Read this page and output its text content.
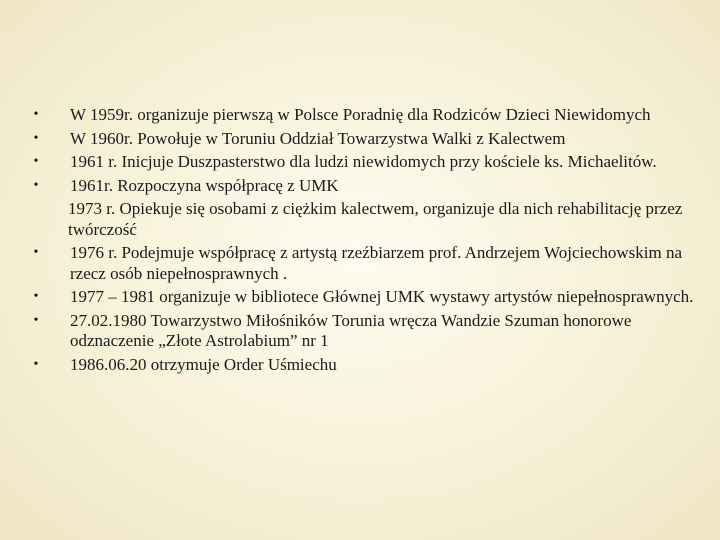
•	W 1959r. organizuje pierwszą w Polsce Poradnię dla Rodziców Dzieci Niewidomych
•	W 1960r. Powołuje w Toruniu Oddział Towarzystwa Walki z Kalectwem
•	1961 r. Inicjuje Duszpasterstwo dla ludzi niewidomych przy kościele ks. Michaelitów.
•	1961r. Rozpoczyna współpracę z UMK
1973 r. Opiekuje się osobami z ciężkim kalectwem, organizuje dla nich rehabilitację przez twórczość
•	1976 r. Podejmuje współpracę z artystą rzeźbiarzem prof. Andrzejem Wojciechowskim na rzecz osób niepełnosprawnych .
•	1977 – 1981 organizuje w bibliotece Głównej UMK wystawy artystów niepełnosprawnych.
•	27.02.1980 Towarzystwo Miłośników Torunia wręcza Wandzie Szuman honorowe odznaczenie „Złote Astrolabium” nr 1
•	1986.06.20 otrzymuje Order Uśmiechu
